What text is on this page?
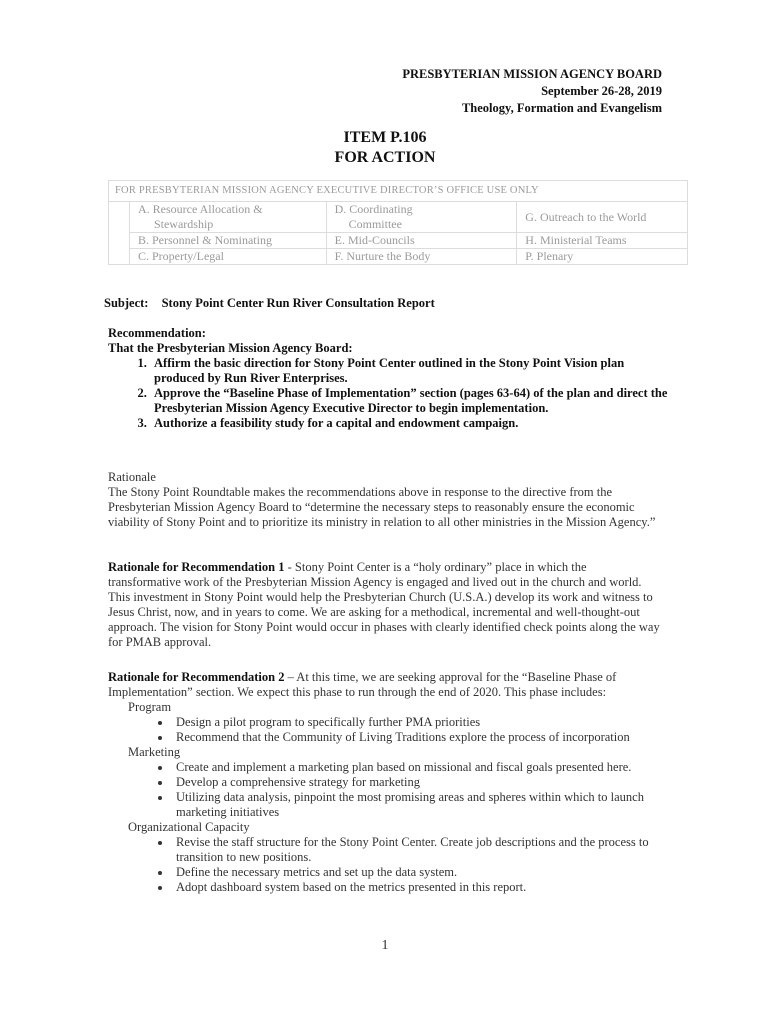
PRESBYTERIAN MISSION AGENCY BOARD
September 26-28, 2019
Theology, Formation and Evangelism
ITEM P.106
FOR ACTION
FOR PRESBYTERIAN MISSION AGENCY EXECUTIVE DIRECTOR’S OFFICE USE ONLY
A. Resource Allocation &
Stewardship
B. Personnel & Nominating
C. Property/Legal
D. Coordinating
Committee
E. Mid-Councils
F. Nurture the Body
G. Outreach to the World
H. Ministerial Teams
P. Plenary
Subject: Stony Point Center Run River Consultation Report
Recommendation:
That the Presbyterian Mission Agency Board:
1. Affirm the basic direction for Stony Point Center outlined in the Stony Point Vision plan produced by Run River Enterprises.
2. Approve the “Baseline Phase of Implementation” section (pages 63-64) of the plan and direct the Presbyterian Mission Agency Executive Director to begin implementation.
3. Authorize a feasibility study for a capital and endowment campaign.
Rationale
The Stony Point Roundtable makes the recommendations above in response to the directive from the Presbyterian Mission Agency Board to “determine the necessary steps to reasonably ensure the economic viability of Stony Point and to prioritize its ministry in relation to all other ministries in the Mission Agency.”
Rationale for Recommendation 1 - Stony Point Center is a “holy ordinary” place in which the transformative work of the Presbyterian Mission Agency is engaged and lived out in the church and world. This investment in Stony Point would help the Presbyterian Church (U.S.A.) develop its work and witness to Jesus Christ, now, and in years to come. We are asking for a methodical, incremental and well-thought-out approach. The vision for Stony Point would occur in phases with clearly identified check points along the way for PMAB approval.
Rationale for Recommendation 2 – At this time, we are seeking approval for the “Baseline Phase of Implementation” section. We expect this phase to run through the end of 2020. This phase includes:
Program
• Design a pilot program to specifically further PMA priorities
• Recommend that the Community of Living Traditions explore the process of incorporation
Marketing
• Create and implement a marketing plan based on missional and fiscal goals presented here.
• Develop a comprehensive strategy for marketing
• Utilizing data analysis, pinpoint the most promising areas and spheres within which to launch marketing initiatives
Organizational Capacity
• Revise the staff structure for the Stony Point Center. Create job descriptions and the process to transition to new positions.
• Define the necessary metrics and set up the data system.
• Adopt dashboard system based on the metrics presented in this report.
1
